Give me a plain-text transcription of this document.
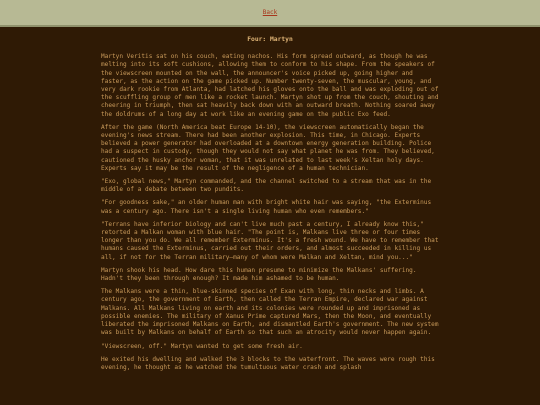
Back
Four: Martyn

Martyn Veritis sat on his couch, eating nachos. His form spread outward, as though he was melting into its soft cushions, allowing them to conform to his shape. From the speakers of the viewscreen mounted on the wall, the announcer's voice picked up, going higher and faster, as the action on the game picked up. Number twenty-seven, the muscular, young, and very dark rookie from Atlanta, had latched his gloves onto the ball and was exploding out of the scuffling group of men like a rocket launch. Martyn shot up from the couch, shouting and cheering in triumph, then sat heavily back down with an outward breath. Nothing soared away the doldrums of a long day at work like an evening game on the public Exo feed.

After the game (North America beat Europe 14-10), the viewscreen automatically began the evening's news stream. There had been another explosion. This time, in Chicago. Experts believed a power generator had overloaded at a downtown energy generation building. Police had a suspect in custody, though they would not say what planet he was from. They believed, cautioned the husky anchor woman, that it was unrelated to last week's Xeltan holy days. Experts say it may be the result of the negligence of a human technician.

"Exo, global news," Martyn commanded, and the channel switched to a stream that was in the middle of a debate between two pundits.

"For goodness sake," an older human man with bright white hair was saying, "the Exterminus was a century ago. There isn't a single living human who even remembers."

"Terrans have inferior biology and can't live much past a century, I already know this," retorted a Malkan woman with blue hair. "The point is, Malkans live three or four times longer than you do. We all remember Exterminus. It's a fresh wound. We have to remember that humans caused the Exterminus, carried out their orders, and almost succeeded in killing us all, if not for the Terran military—many of whom were Malkan and Xeltan, mind you..."

Martyn shook his head. How dare this human presume to minimize the Malkans' suffering. Hadn't they been through enough? It made him ashamed to be human.

The Malkans were a thin, blue-skinned species of Exan with long, thin necks and limbs. A century ago, the government of Earth, then called the Terran Empire, declared war against Malkans. All Malkans living on earth and its colonies were rounded up and imprisoned as possible enemies. The military of Xanus Prime captured Mars, then the Moon, and eventually liberated the imprisoned Malkans on Earth, and dismantled Earth's government. The new system was built by Malkans on behalf of Earth so that such an atrocity would never happen again.

"Viewscreen, off." Martyn wanted to get some fresh air.

He exited his dwelling and walked the 3 blocks to the waterfront. The waves were rough this evening, he thought as he watched the tumultuous water crash and splash
